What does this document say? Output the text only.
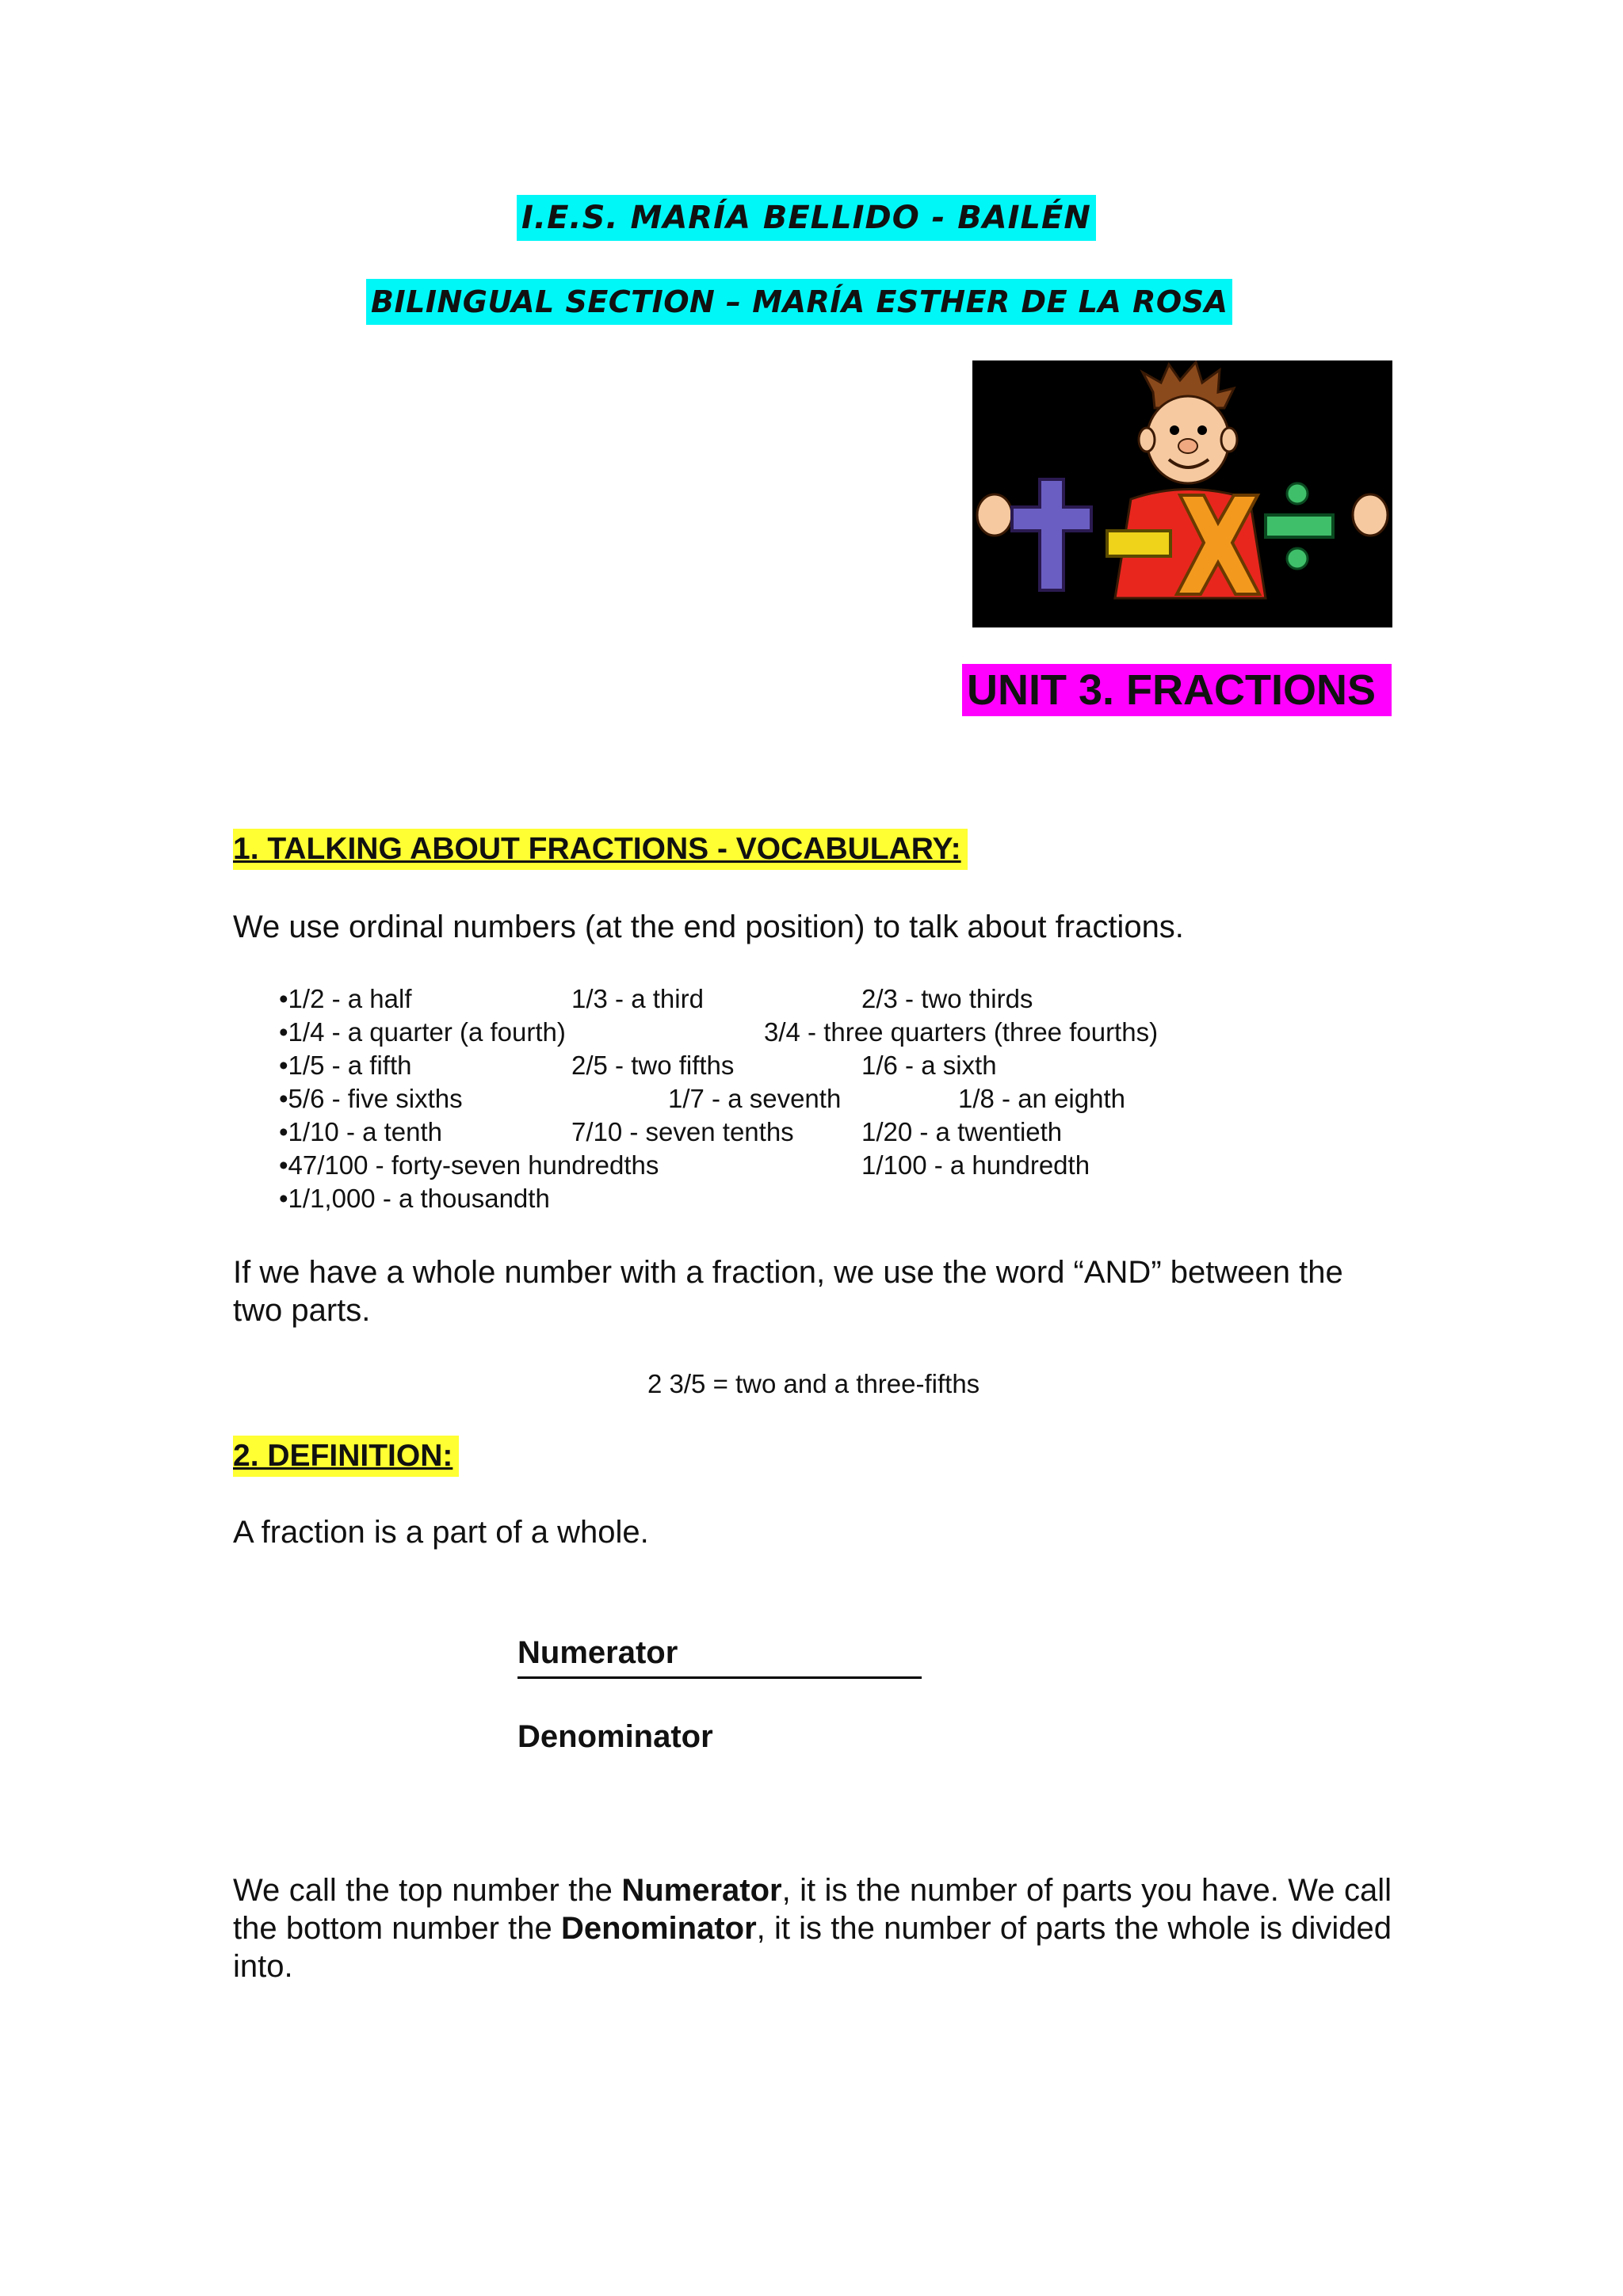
I.E.S. MARÍA BELLIDO - BAILÉN
BILINGUAL SECTION – MARÍA ESTHER DE LA ROSA
UNIT 3. FRACTIONS
1. TALKING ABOUT FRACTIONS - VOCABULARY:
We use ordinal numbers (at the end position) to talk about fractions.
•1/2 - a half	1/3 - a third	2/3 - two thirds
•1/4 - a quarter (a fourth)	3/4 - three quarters (three fourths)
•1/5 - a fifth	2/5 - two fifths	1/6 - a sixth
•5/6 - five sixths	1/7 - a seventh	1/8 - an eighth
•1/10 - a tenth	7/10 - seven tenths	1/20 - a twentieth
•47/100 - forty-seven hundredths	1/100 - a hundredth
•1/1,000 - a thousandth
If we have a whole number with a fraction, we use the word “AND” between the
two parts.
2 3/5 = two and a three-fifths
2. DEFINITION:
A fraction is a part of a whole.
Numerator
Denominator
We call the top number the Numerator, it is the number of parts you have. We call the bottom number the Denominator, it is the number of parts the whole is divided into.
